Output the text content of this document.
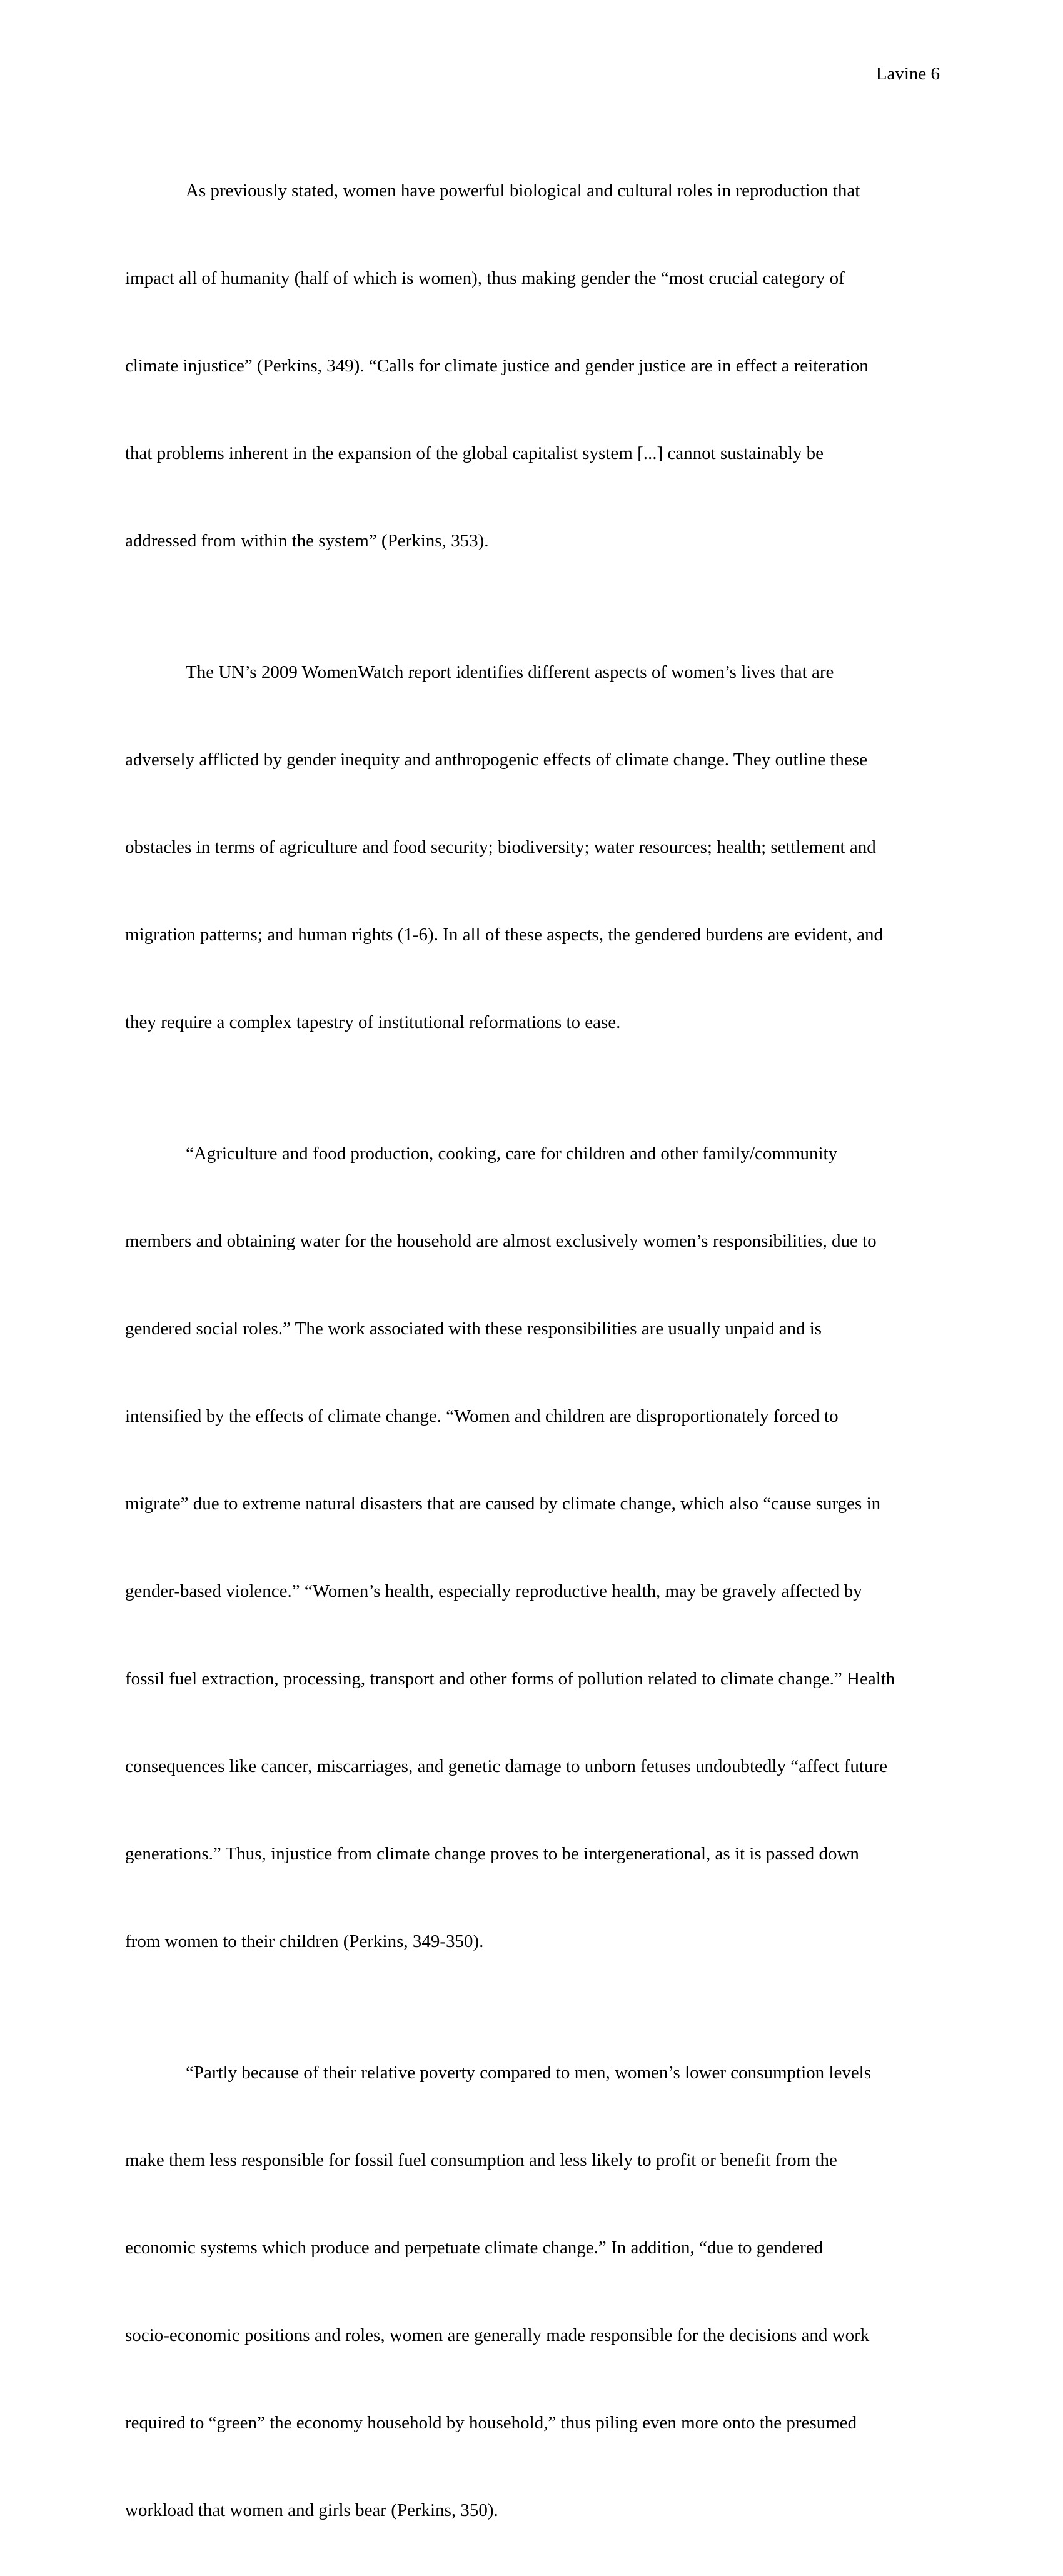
Lavine 6

As previously stated, women have powerful biological and cultural roles in reproduction that

impact all of humanity (half of which is women), thus making gender the “most crucial category of

climate injustice” (Perkins, 349). “Calls for climate justice and gender justice are in effect a reiteration

that problems inherent in the expansion of the global capitalist system [...] cannot sustainably be

addressed from within the system” (Perkins, 353).

The UN’s 2009 WomenWatch report identifies different aspects of women’s lives that are

adversely afflicted by gender inequity and anthropogenic effects of climate change. They outline these

obstacles in terms of agriculture and food security; biodiversity; water resources; health; settlement and

migration patterns; and human rights (1-6). In all of these aspects, the gendered burdens are evident, and

they require a complex tapestry of institutional reformations to ease.

“Agriculture and food production, cooking, care for children and other family/community

members and obtaining water for the household are almost exclusively women’s responsibilities, due to

gendered social roles.” The work associated with these responsibilities are usually unpaid and is

intensified by the effects of climate change. “Women and children are disproportionately forced to

migrate” due to extreme natural disasters that are caused by climate change, which also “cause surges in

gender-based violence.” “Women’s health, especially reproductive health, may be gravely affected by

fossil fuel extraction, processing, transport and other forms of pollution related to climate change.” Health

consequences like cancer, miscarriages, and genetic damage to unborn fetuses undoubtedly “affect future

generations.” Thus, injustice from climate change proves to be intergenerational, as it is passed down

from women to their children (Perkins, 349-350).

“Partly because of their relative poverty compared to men, women’s lower consumption levels

make them less responsible for fossil fuel consumption and less likely to profit or benefit from the

economic systems which produce and perpetuate climate change.” In addition, “due to gendered

socio-economic positions and roles, women are generally made responsible for the decisions and work

required to “green” the economy household by household,” thus piling even more onto the presumed

workload that women and girls bear (Perkins, 350).
